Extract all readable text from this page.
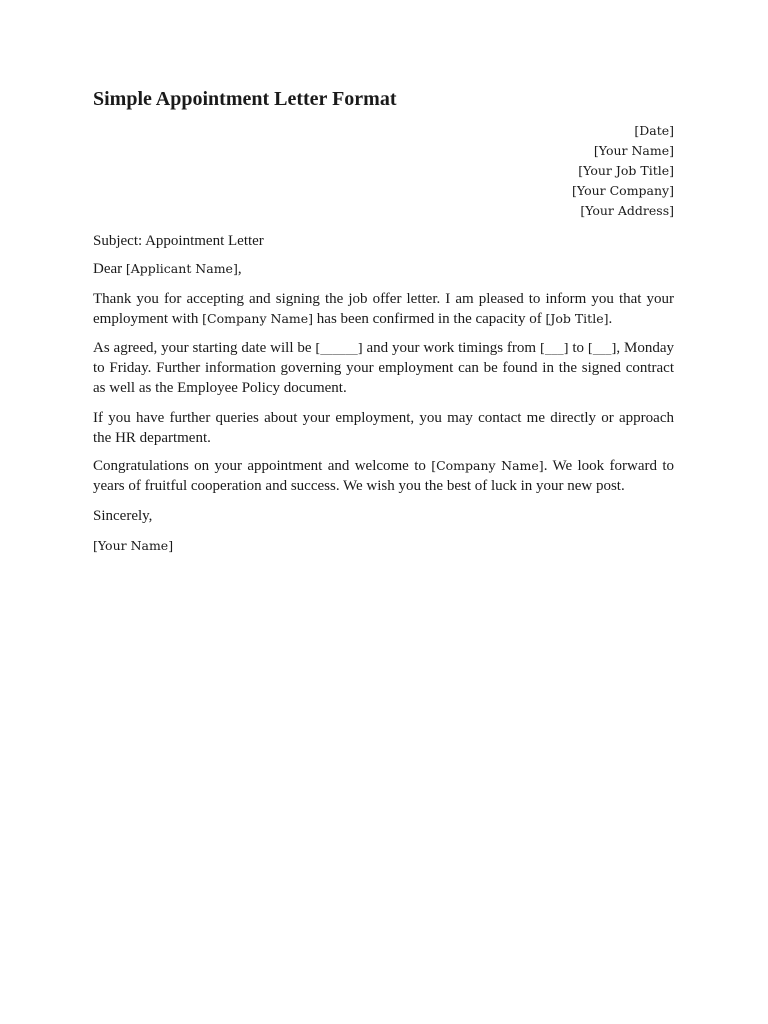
Simple Appointment Letter Format
[Date]
[Your Name]
[Your Job Title]
[Your Company]
[Your Address]

Subject: Appointment Letter

Dear [Applicant Name],

Thank you for accepting and signing the job offer letter. I am pleased to inform you that your employment with [Company Name] has been confirmed in the capacity of [Job Title].

As agreed, your starting date will be [______] and your work timings from [___] to [___], Monday to Friday. Further information governing your employment can be found in the signed contract as well as the Employee Policy document.

If you have further queries about your employment, you may contact me directly or approach the HR department.

Congratulations on your appointment and welcome to [Company Name]. We look forward to years of fruitful cooperation and success. We wish you the best of luck in your new post.

Sincerely,

[Your Name]
